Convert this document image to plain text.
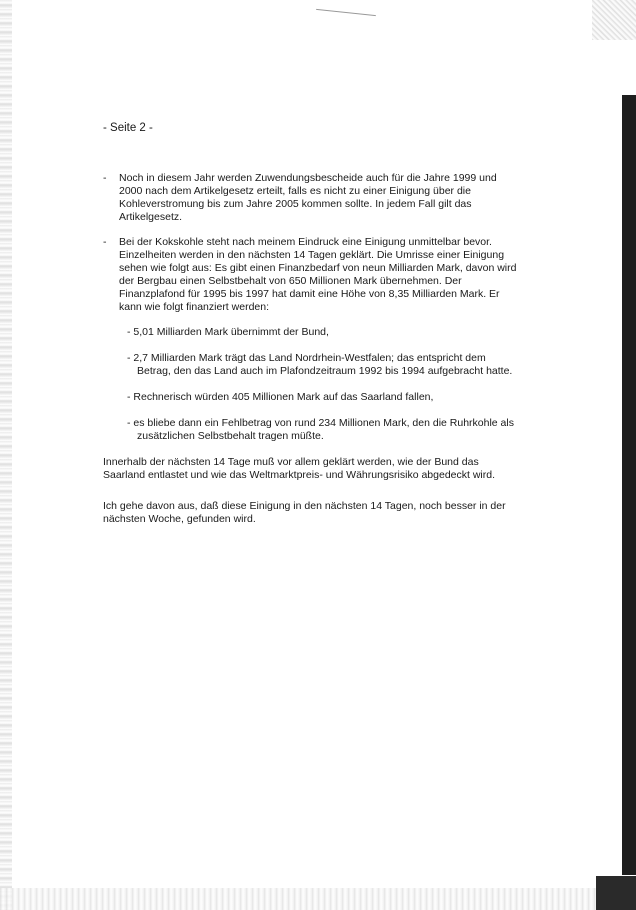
- Seite 2 -

-	Noch in diesem Jahr werden Zuwendungsbescheide auch für die Jahre 1999 und 2000 nach dem Artikelgesetz erteilt, falls es nicht zu einer Einigung über die Kohleverstromung bis zum Jahre 2005 kommen sollte. In jedem Fall gilt das Artikelgesetz.

-	Bei der Kokskohle steht nach meinem Eindruck eine Einigung unmittelbar bevor. Einzelheiten werden in den nächsten 14 Tagen geklärt. Die Umrisse einer Einigung sehen wie folgt aus: Es gibt einen Finanzbedarf von neun Milliarden Mark, davon wird der Bergbau einen Selbstbehalt von 650 Millionen Mark übernehmen. Der Finanzplafond für 1995 bis 1997 hat damit eine Höhe von 8,35 Milliarden Mark. Er kann wie folgt finanziert werden:

- 5,01 Milliarden Mark übernimmt der Bund,

- 2,7 Milliarden Mark trägt das Land Nordrhein-Westfalen; das entspricht dem Betrag, den das Land auch im Plafondzeitraum 1992 bis 1994 aufgebracht hatte.

- Rechnerisch würden 405 Millionen Mark auf das Saarland fallen,

- es bliebe dann ein Fehlbetrag von rund 234 Millionen Mark, den die Ruhrkohle als zusätzlichen Selbstbehalt tragen müßte.

Innerhalb der nächsten 14 Tage muß vor allem geklärt werden, wie der Bund das Saarland entlastet und wie das Weltmarktpreis- und Währungsrisiko abgedeckt wird.

Ich gehe davon aus, daß diese Einigung in den nächsten 14 Tagen, noch besser in der nächsten Woche, gefunden wird.
